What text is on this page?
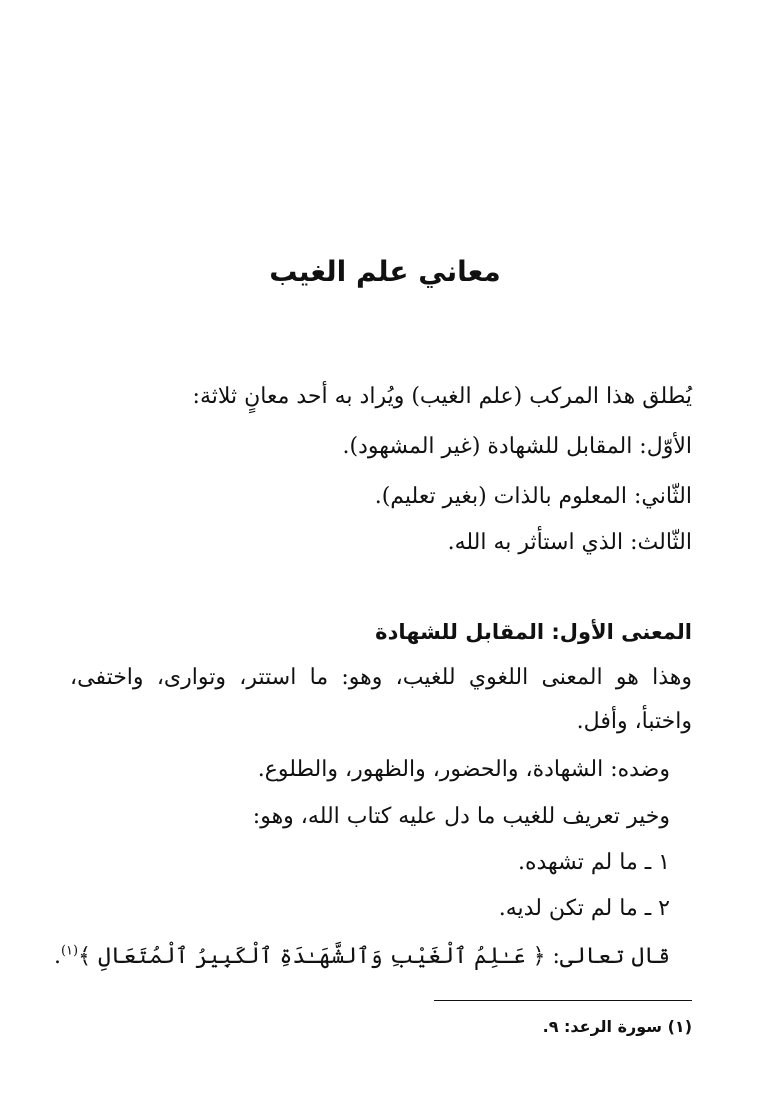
معاني علم الغيب
يُطلق هذا المركب (علم الغيب) ويُراد به أحد معانٍ ثلاثة:
الأوّل: المقابل للشهادة (غير المشهود).
الثّاني: المعلوم بالذات (بغير تعليم).
الثّالث: الذي استأثر به الله.
المعنى الأول: المقابل للشهادة
وهذا هو المعنى اللغوي للغيب، وهو: ما استتر، وتوارى، واختفى،
واختبأ، وأفل.
وضده: الشهادة، والحضور، والظهور، والطلوع.
وخير تعريف للغيب ما دل عليه كتاب الله، وهو:
١ ـ ما لم تشهده.
٢ ـ ما لم تكن لديه.
قال تعالى: ﴿ عَـٰلِمُ ٱلْغَيْبِ وَٱلشَّهَـٰدَةِ ٱلْكَبِيرُ ٱلْمُتَعَالِ ﴾$^{(١)}$.
(١) سورة الرعد: ٩.
